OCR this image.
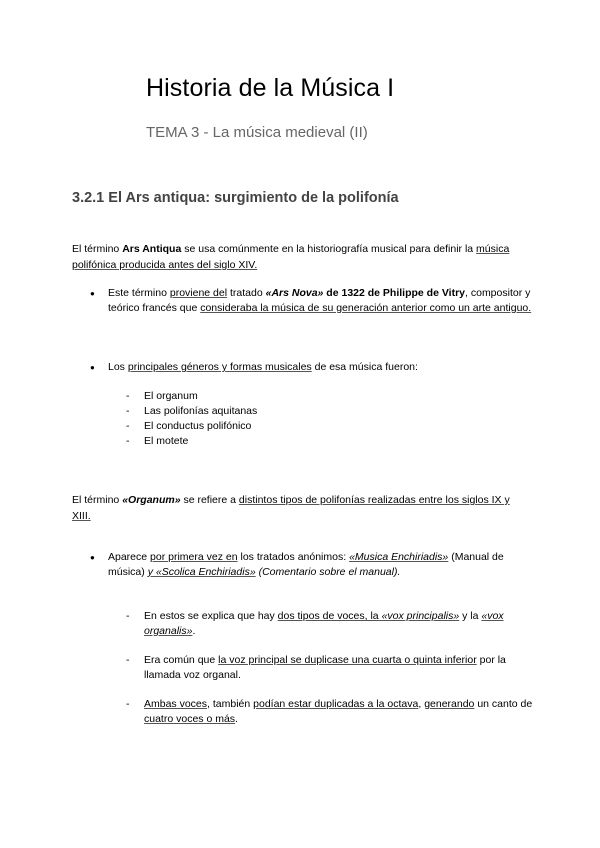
Historia de la Música I

TEMA 3 - La música medieval (II)

3.2.1 El Ars antiqua: surgimiento de la polifonía

El término Ars Antiqua se usa comúnmente en la historiografía musical para definir la música polifónica producida antes del siglo XIV.

● Este término proviene del tratado «Ars Nova» de 1322 de Philippe de Vitry, compositor y teórico francés que consideraba la música de su generación anterior como un arte antiguo.
● Los principales géneros y formas musicales de esa música fueron:
- El organum
- Las polifonías aquitanas
- El conductus polifónico
- El motete

El término «Organum» se refiere a distintos tipos de polifonías realizadas entre los siglos IX y XIII.

● Aparece por primera vez en los tratados anónimos: «Musica Enchiriadis» (Manual de música) y «Scolica Enchiriadis» (Comentario sobre el manual).
- En estos se explica que hay dos tipos de voces, la «vox principalis» y la «vox organalis».
- Era común que la voz principal se duplicase una cuarta o quinta inferior por la llamada voz organal.
- Ambas voces, también podían estar duplicadas a la octava, generando un canto de cuatro voces o más.
